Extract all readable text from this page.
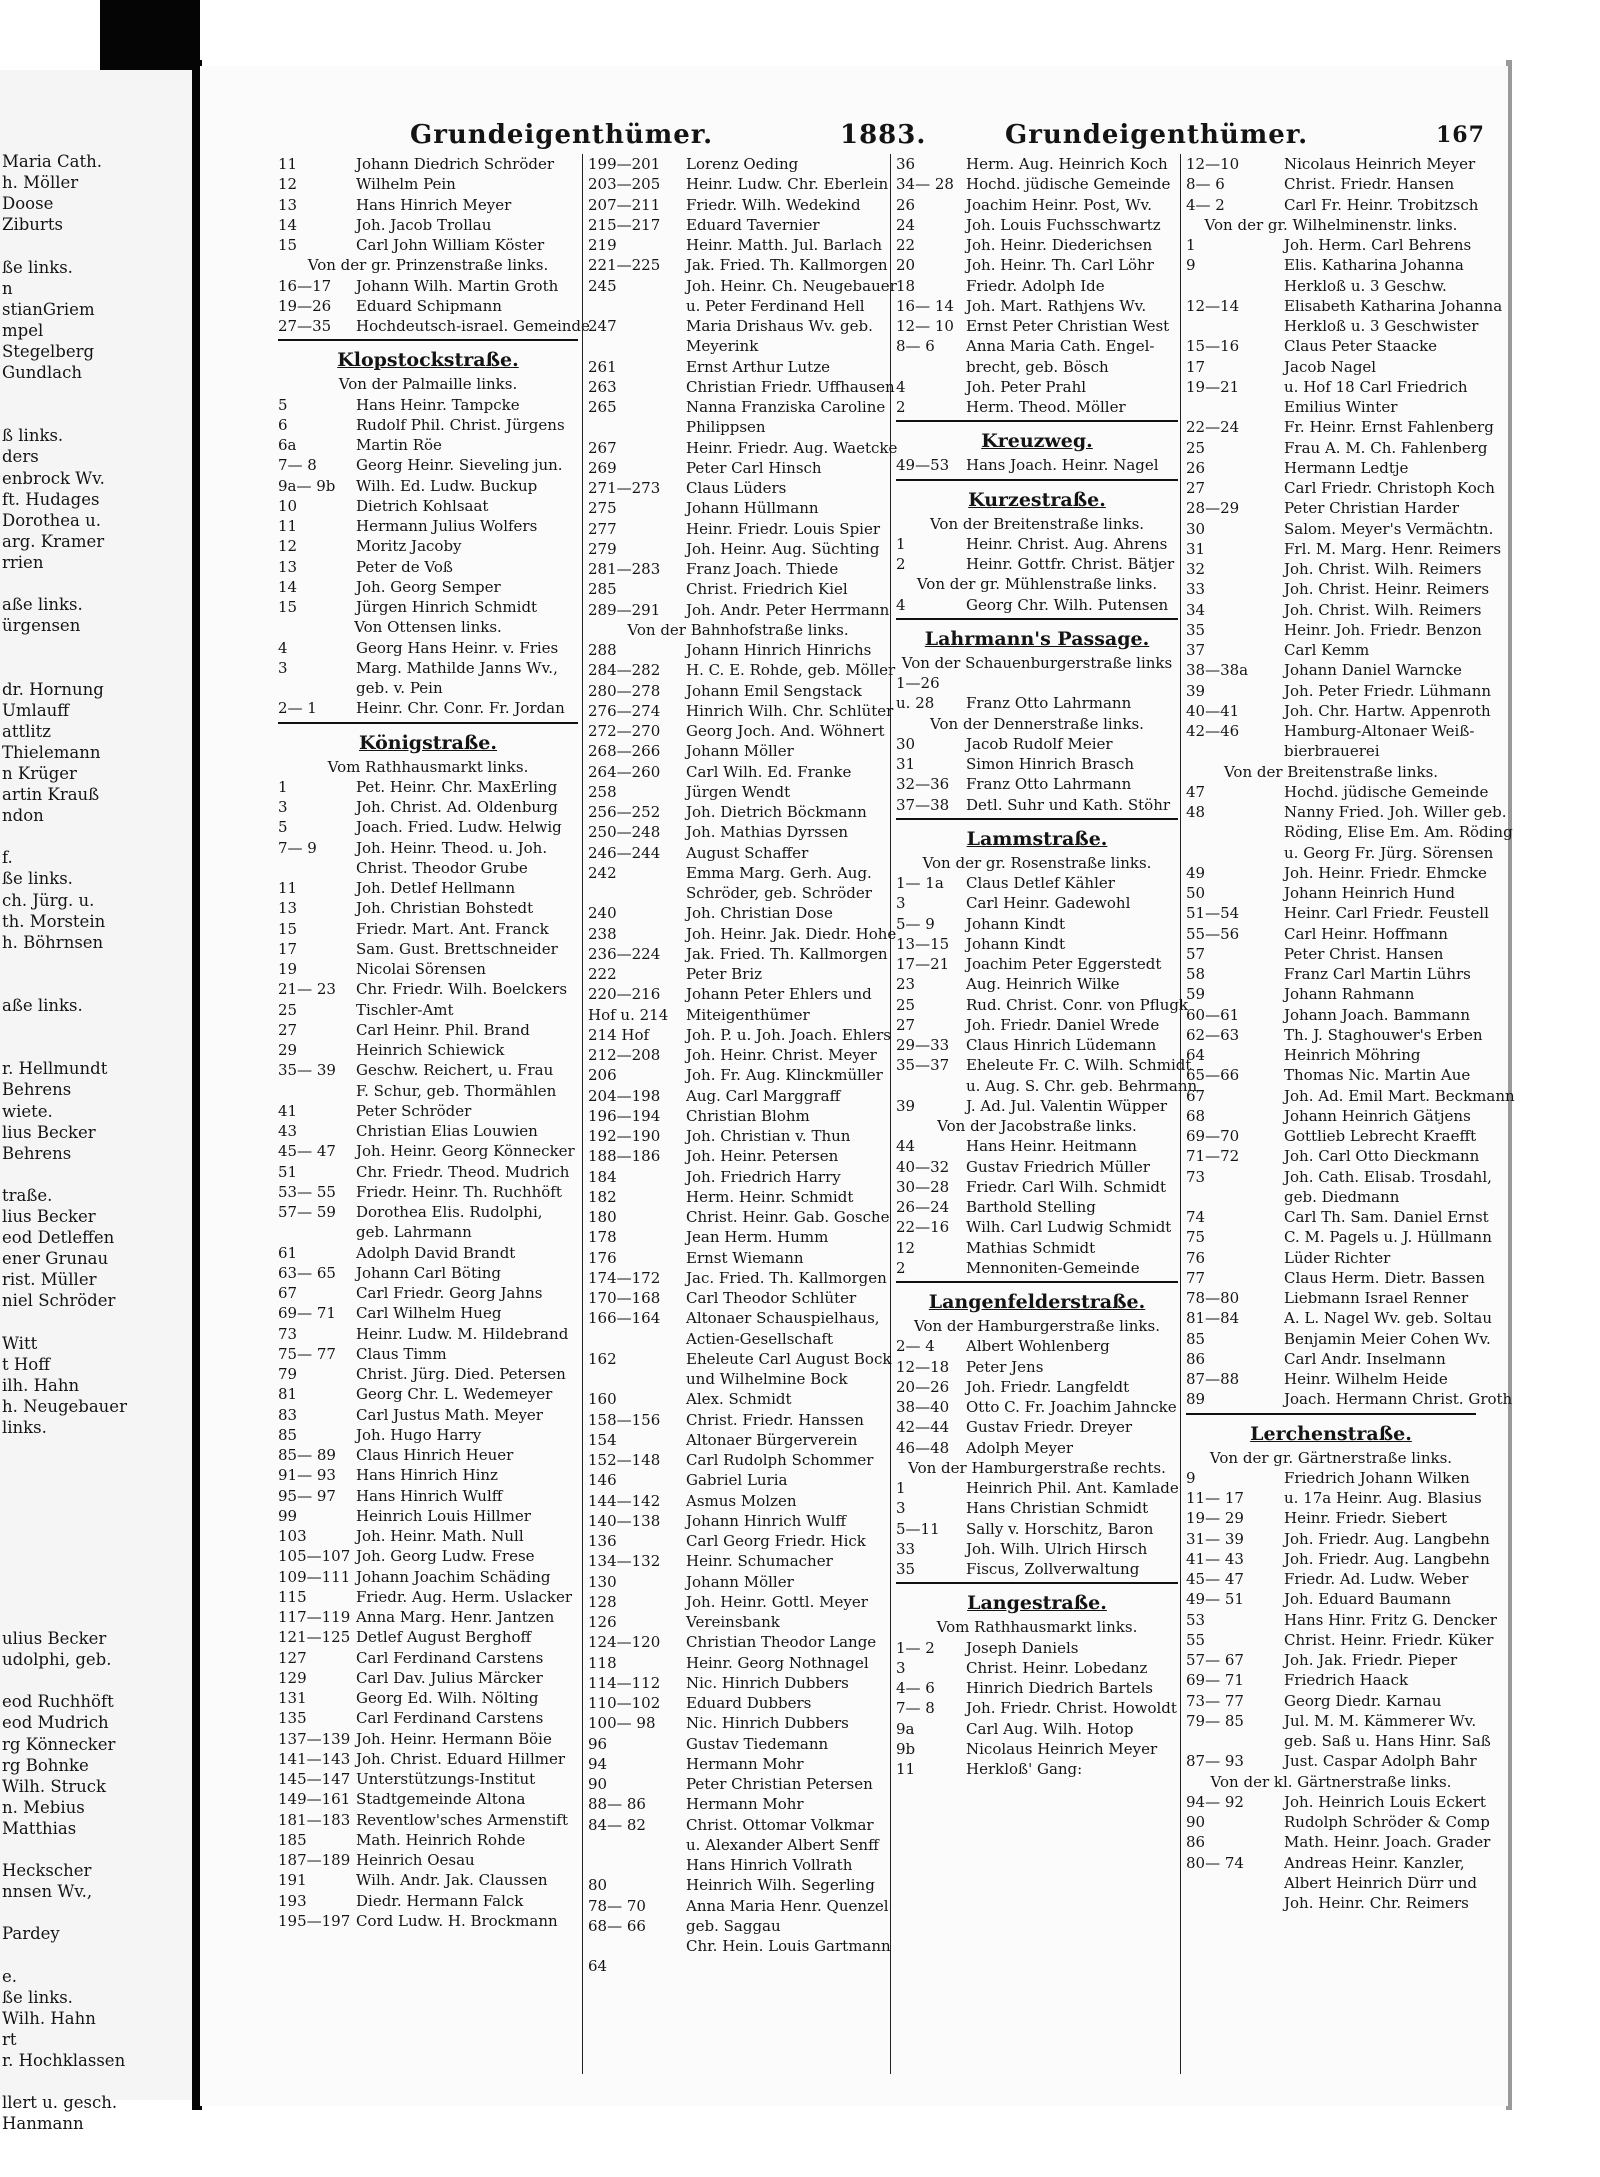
Maria Cath.
h. Möller
Doose
Ziburts
ße links.
n
stianGriem
mpel
Stegelberg
Gundlach
ß links.
ders
enbrock Wv.
ft. Hudages
Dorothea u.
arg. Kramer
rrien
aße links.
ürgensen
dr. Hornung
Umlauff
attlitz
Thielemann
n Krüger
artin Krauß
ndon
f.
ße links.
ch. Jürg. u.
th. Morstein
h. Böhrnsen
aße links.
r. Hellmundt
Behrens
wiete.
lius Becker
Behrens
traße.
lius Becker
eod Detleffen
ener Grunau
rist. Müller
niel Schröder
Witt
t Hoff
ilh. Hahn
h. Neugebauer
links.
ulius Becker
udolphi, geb.
eod Ruchhöft
eod Mudrich
rg Könnecker
rg Bohnke
Wilh. Struck
n. Mebius
Matthias
Heckscher
nnsen Wv.,
Pardey
e.
ße links.
Wilh. Hahn
rt
r. Hochklassen
llert u. gesch.
Hanmann
Grundeigenthümer.	1883.	Grundeigenthümer.	167
11	Johann Diedrich Schröder
12	Wilhelm Pein
13	Hans Hinrich Meyer
14	Joh. Jacob Trollau
15	Carl John William Köster
Von der gr. Prinzenstraße links.
16—17 Johann Wilh. Martin Groth
19—26 Eduard Schipmann
27—35 Hochdeutsch-israel. Gemeinde
Klopstockstraße.
Von der Palmaille links.
5	Hans Heinr. Tampcke
6	Rudolf Phil. Christ. Jürgens
6a	Martin Röe
7— 8	Georg Heinr. Sieveling jun.
9a— 9b Wilh. Ed. Ludw. Buckup
10	Dietrich Kohlsaat
11	Hermann Julius Wolfers
12	Moritz Jacoby
13	Peter de Voß
14	Joh. Georg Semper
15	Jürgen Hinrich Schmidt
Von Ottensen links.
4	Georg Hans Heinr. v. Fries
3	Marg. Mathilde Janns Wv.,
geb. v. Pein
2— 1	Heinr. Chr. Conr. Fr. Jordan
Königstraße.
Vom Rathhausmarkt links.
1	Pet. Heinr. Chr. MaxErling
3	Joh. Christ. Ad. Oldenburg
5	Joach. Fried. Ludw. Helwig
7— 9	Joh. Heinr. Theod. u. Joh.
Christ. Theodor Grube
11	Joh. Detlef Hellmann
13	Joh. Christian Bohstedt
15	Friedr. Mart. Ant. Franck
17	Sam. Gust. Brettschneider
19	Nicolai Sörensen
21— 23 Chr. Friedr. Wilh. Boelckers
25	Tischler-Amt
27	Carl Heinr. Phil. Brand
29	Heinrich Schiewick
35— 39 Geschw. Reichert, u. Frau
F. Schur, geb. Thormählen
41	Peter Schröder
43	Christian Elias Louwien
45— 47 Joh. Heinr. Georg Könnecker
51	Chr. Friedr. Theod. Mudrich
53— 55 Friedr. Heinr. Th. Ruchhöft
57— 59 Dorothea Elis. Rudolphi,
geb. Lahrmann
61	Adolph David Brandt
63— 65 Johann Carl Böting
67	Carl Friedr. Georg Jahns
69— 71 Carl Wilhelm Hueg
73	Heinr. Ludw. M. Hildebrand
75— 77 Claus Timm
79	Christ. Jürg. Died. Petersen
81	Georg Chr. L. Wedemeyer
83	Carl Justus Math. Meyer
85	Joh. Hugo Harry
85— 89 Claus Hinrich Heuer
91— 93 Hans Hinrich Hinz
95— 97 Hans Hinrich Wulff
99	Heinrich Louis Hillmer
103	Joh. Heinr. Math. Null
105—107 Joh. Georg Ludw. Frese
109—111 Johann Joachim Schäding
115	Friedr. Aug. Herm. Uslacker
117—119 Anna Marg. Henr. Jantzen
121—125 Detlef August Berghoff
127	Carl Ferdinand Carstens
129	Carl Dav. Julius Märcker
131	Georg Ed. Wilh. Nölting
135	Carl Ferdinand Carstens
137—139 Joh. Heinr. Hermann Böie
141—143 Joh. Christ. Eduard Hillmer
145—147 Unterstützungs-Institut
149—161 Stadtgemeinde Altona
181—183 Reventlow'sches Armenstift
185	Math. Heinrich Rohde
187—189 Heinrich Oesau
191	Wilh. Andr. Jak. Claussen
193	Diedr. Hermann Falck
195—197 Cord Ludw. H. Brockmann
199—201 Lorenz Oeding
203—205 Heinr. Ludw. Chr. Eberlein
207—211 Friedr. Wilh. Wedekind
215—217 Eduard Tavernier
219	Heinr. Matth. Jul. Barlach
221—225 Jak. Fried. Th. Kallmorgen
245	Joh. Heinr. Ch. Neugebauer
u. Peter Ferdinand Hell
247	Maria Drishaus Wv. geb.
Meyerink
261	Ernst Arthur Lutze
263	Christian Friedr. Uffhausen
265	Nanna Franziska Caroline
Philippsen
267	Heinr. Friedr. Aug. Waetcke
269	Peter Carl Hinsch
271—273 Claus Lüders
275	Johann Hüllmann
277	Heinr. Friedr. Louis Spier
279	Joh. Heinr. Aug. Süchting
281—283 Franz Joach. Thiede
285	Christ. Friedrich Kiel
289—291 Joh. Andr. Peter Herrmann
Von der Bahnhofstraße links.
288	Johann Hinrich Hinrichs
284—282 H. C. E. Rohde, geb. Möller
280—278 Johann Emil Sengstack
276—274 Hinrich Wilh. Chr. Schlüter
272—270 Georg Joch. And. Wöhnert
268—266 Johann Möller
264—260 Carl Wilh. Ed. Franke
258	Jürgen Wendt
256—252 Joh. Dietrich Böckmann
250—248 Joh. Mathias Dyrssen
246—244 August Schaffer
242	Emma Marg. Gerh. Aug.
Schröder, geb. Schröder
240	Joh. Christian Dose
238	Joh. Heinr. Jak. Diedr. Hohe
236—224 Jak. Fried. Th. Kallmorgen
222	Peter Briz
220—216 Johann Peter Ehlers und
Hof u. 214 Miteigenthümer
214 Hof Joh. P. u. Joh. Joach. Ehlers
212—208 Joh. Heinr. Christ. Meyer
206	Joh. Fr. Aug. Klinckmüller
204—198 Aug. Carl Marggraff
196—194 Christian Blohm
192—190 Joh. Christian v. Thun
188—186 Joh. Heinr. Petersen
184	Joh. Friedrich Harry
182	Herm. Heinr. Schmidt
180	Christ. Heinr. Gab. Gosche
178	Jean Herm. Humm
176	Ernst Wiemann
174—172 Jac. Fried. Th. Kallmorgen
170—168 Carl Theodor Schlüter
166—164 Altonaer Schauspielhaus,
Actien-Gesellschaft
162	Eheleute Carl August Bock
und Wilhelmine Bock
160	Alex. Schmidt
158—156 Christ. Friedr. Hanssen
154	Altonaer Bürgerverein
152—148 Carl Rudolph Schommer
146	Gabriel Luria
144—142 Asmus Molzen
140—138 Johann Hinrich Wulff
136	Carl Georg Friedr. Hick
134—132 Heinr. Schumacher
130	Johann Möller
128	Joh. Heinr. Gottl. Meyer
126	Vereinsbank
124—120 Christian Theodor Lange
118	Heinr. Georg Nothnagel
114—112 Nic. Hinrich Dubbers
110—102 Eduard Dubbers
100— 98 Nic. Hinrich Dubbers
96	Gustav Tiedemann
94	Hermann Mohr
90	Peter Christian Petersen
88— 86	Hermann Mohr
84— 82	Christ. Ottomar Volkmar
u. Alexander Albert Senff
Hans Hinrich Vollrath
80	Heinrich Wilh. Segerling
78— 70	Anna Maria Henr. Quenzel
68— 66	geb. Saggau
Chr. Hein. Louis Gartmann
64
36	Herm. Aug. Heinrich Koch
34— 28 Hochd. jüdische Gemeinde
26	Joachim Heinr. Post, Wv.
24	Joh. Louis Fuchsschwartz
22	Joh. Heinr. Diederichsen
20	Joh. Heinr. Th. Carl Löhr
18	Friedr. Adolph Ide
16— 14 Joh. Mart. Rathjens Wv.
12— 10 Ernst Peter Christian West
8— 6 Anna Maria Cath. Engel-
brecht, geb. Bösch
4	Joh. Peter Prahl
2	Herm. Theod. Möller
Kreuzweg.
49—53 Hans Joach. Heinr. Nagel
Kurzestraße.
Von der Breitenstraße links.
1	Heinr. Christ. Aug. Ahrens
2	Heinr. Gottfr. Christ. Bätjer
Von der gr. Mühlenstraße links.
4	Georg Chr. Wilh. Putensen
Lahrmann's Passage.
Von der Schauenburgerstraße links
1—26
u. 28 Franz Otto Lahrmann
Von der Dennerstraße links.
30	Jacob Rudolf Meier
31	Simon Hinrich Brasch
32—36 Franz Otto Lahrmann
37—38 Detl. Suhr und Kath. Stöhr
Lammstraße.
Von der gr. Rosenstraße links.
1— 1a Claus Detlef Kähler
3	Carl Heinr. Gadewohl
5— 9 Johann Kindt
13—15 Johann Kindt
17—21 Joachim Peter Eggerstedt
23	Aug. Heinrich Wilke
25	Rud. Christ. Conr. von Pflugk
27	Joh. Friedr. Daniel Wrede
29—33 Claus Hinrich Lüdemann
35—37 Eheleute Fr. C. Wilh. Schmidt
u. Aug. S. Chr. geb. Behrmann
39	J. Ad. Jul. Valentin Wüpper
Von der Jacobstraße links.
44	Hans Heinr. Heitmann
40—32 Gustav Friedrich Müller
30—28 Friedr. Carl Wilh. Schmidt
26—24 Barthold Stelling
22—16 Wilh. Carl Ludwig Schmidt
12	Mathias Schmidt
2	Mennoniten-Gemeinde
Langenfelderstraße.
Von der Hamburgerstraße links.
2— 4 Albert Wohlenberg
12—18 Peter Jens
20—26 Joh. Friedr. Langfeldt
38—40 Otto C. Fr. Joachim Jahncke
42—44 Gustav Friedr. Dreyer
46—48 Adolph Meyer
Von der Hamburgerstraße rechts.
1	Heinrich Phil. Ant. Kamlade
3	Hans Christian Schmidt
5—11 Sally v. Horschitz, Baron
33	Joh. Wilh. Ulrich Hirsch
35	Fiscus, Zollverwaltung
Langestraße.
Vom Rathhausmarkt links.
1— 2 Joseph Daniels
3	Christ. Heinr. Lobedanz
4— 6 Hinrich Diedrich Bartels
7— 8 Joh. Friedr. Christ. Howoldt
9a	Carl Aug. Wilh. Hotop
9b	Nicolaus Heinrich Meyer
11	Herkloß' Gang:
12—10	Nicolaus Heinrich Meyer
8— 6	Christ. Friedr. Hansen
4— 2	Carl Fr. Heinr. Trobitzsch
Von der gr. Wilhelminenstr. links.
1	Joh. Herm. Carl Behrens
9	Elis. Katharina Johanna
Herkloß u. 3 Geschw.
12—14	Elisabeth Katharina Johanna
Herkloß u. 3 Geschwister
15—16	Claus Peter Staacke
17	Jacob Nagel
19—21	u. Hof 18 Carl Friedrich
Emilius Winter
22—24	Fr. Heinr. Ernst Fahlenberg
25	Frau A. M. Ch. Fahlenberg
26	Hermann Ledtje
27	Carl Friedr. Christoph Koch
28—29	Peter Christian Harder
30	Salom. Meyer's Vermächtn.
31	Frl. M. Marg. Henr. Reimers
32	Joh. Christ. Wilh. Reimers
33	Joh. Christ. Heinr. Reimers
34	Joh. Christ. Wilh. Reimers
35	Heinr. Joh. Friedr. Benzon
37	Carl Kemm
38—38a Johann Daniel Warncke
39	Joh. Peter Friedr. Lühmann
40—41	Joh. Chr. Hartw. Appenroth
42—46	Hamburg-Altonaer Weiß-
bierbrauerei
Von der Breitenstraße links.
47	Hochd. jüdische Gemeinde
48	Nanny Fried. Joh. Willer geb.
Röding, Elise Em. Am. Röding
u. Georg Fr. Jürg. Sörensen
49	Joh. Heinr. Friedr. Ehmcke
50	Johann Heinrich Hund
51—54	Heinr. Carl Friedr. Feustell
55—56	Carl Heinr. Hoffmann
57	Peter Christ. Hansen
58	Franz Carl Martin Lührs
59	Johann Rahmann
60—61	Johann Joach. Bammann
62—63	Th. J. Staghouwer's Erben
64	Heinrich Möhring
65—66	Thomas Nic. Martin Aue
67	Joh. Ad. Emil Mart. Beckmann
68	Johann Heinrich Gätjens
69—70	Gottlieb Lebrecht Kraefft
71—72	Joh. Carl Otto Dieckmann
73	Joh. Cath. Elisab. Trosdahl,
geb. Diedmann
74	Carl Th. Sam. Daniel Ernst
75	C. M. Pagels u. J. Hüllmann
76	Lüder Richter
77	Claus Herm. Dietr. Bassen
78—80	Liebmann Israel Renner
81—84	A. L. Nagel Wv. geb. Soltau
85	Benjamin Meier Cohen Wv.
86	Carl Andr. Inselmann
87—88	Heinr. Wilhelm Heide
89	Joach. Hermann Christ. Groth
Lerchenstraße.
Von der gr. Gärtnerstraße links.
9	Friedrich Johann Wilken
11— 17	u. 17a Heinr. Aug. Blasius
19— 29	Heinr. Friedr. Siebert
31— 39	Joh. Friedr. Aug. Langbehn
41— 43	Joh. Friedr. Aug. Langbehn
45— 47	Friedr. Ad. Ludw. Weber
49— 51	Joh. Eduard Baumann
53	Hans Hinr. Fritz G. Dencker
55	Christ. Heinr. Friedr. Küker
57— 67	Joh. Jak. Friedr. Pieper
69— 71	Friedrich Haack
73— 77	Georg Diedr. Karnau
79— 85	Jul. M. M. Kämmerer Wv.
geb. Saß u. Hans Hinr. Saß
87— 93	Just. Caspar Adolph Bahr
Von der kl. Gärtnerstraße links.
94— 92	Joh. Heinrich Louis Eckert
90	Rudolph Schröder & Comp
86	Math. Heinr. Joach. Grader
80— 74	Andreas Heinr. Kanzler,
Albert Heinrich Dürr und
Joh. Heinr. Chr. Reimers
